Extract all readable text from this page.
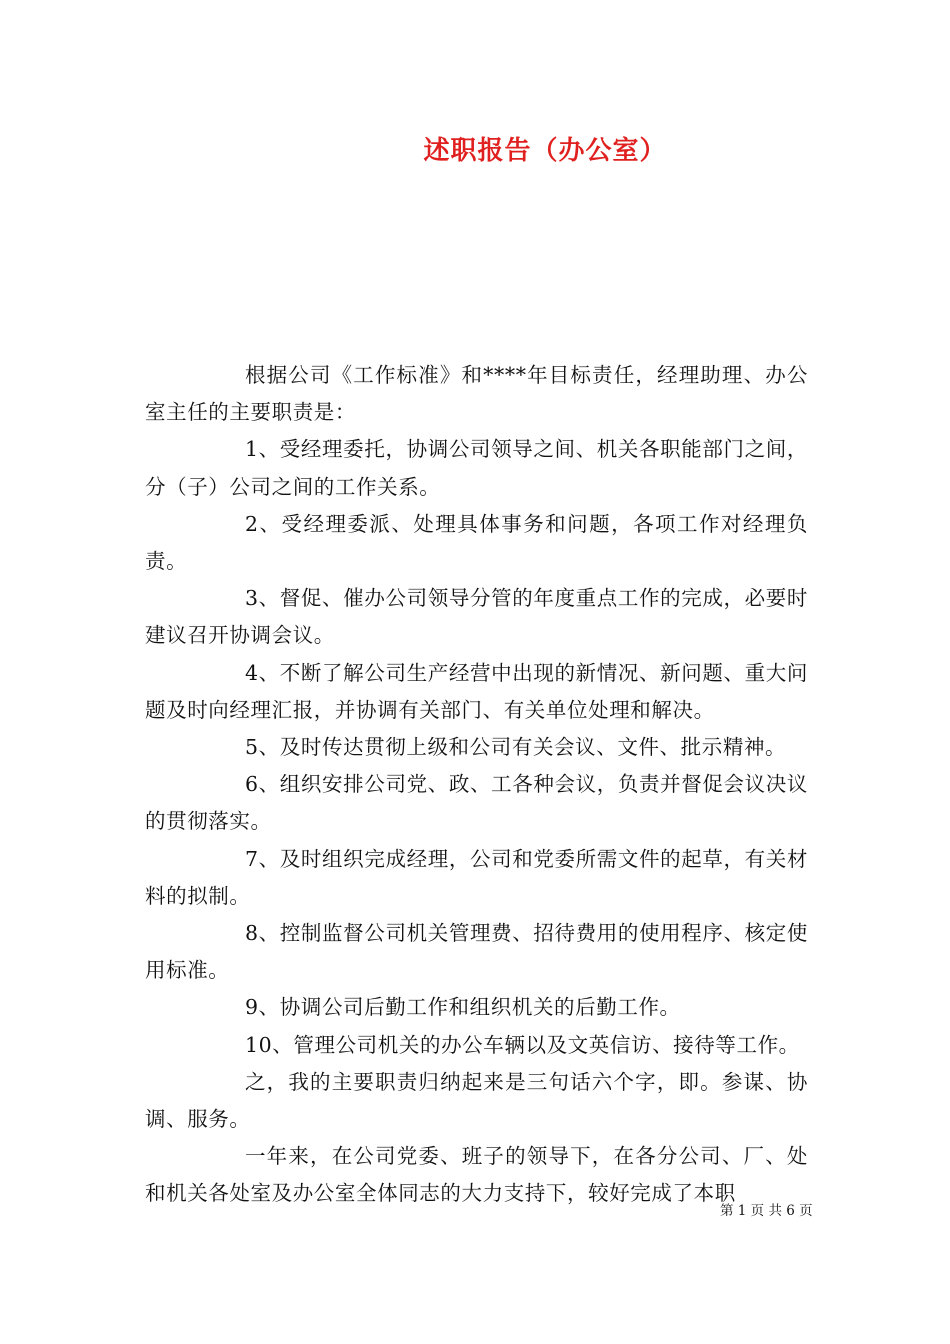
述职报告（办公室）

根据公司《工作标准》和****年目标责任，经理助理、办公室主任的主要职责是：

1、受经理委托，协调公司领导之间、机关各职能部门之间，分（子）公司之间的工作关系。

2、受经理委派、处理具体事务和问题，各项工作对经理负责。

3、督促、催办公司领导分管的年度重点工作的完成，必要时建议召开协调会议。

4、不断了解公司生产经营中出现的新情况、新问题、重大问题及时向经理汇报，并协调有关部门、有关单位处理和解决。

5、及时传达贯彻上级和公司有关会议、文件、批示精神。

6、组织安排公司党、政、工各种会议，负责并督促会议决议的贯彻落实。

7、及时组织完成经理，公司和党委所需文件的起草，有关材料的拟制。

8、控制监督公司机关管理费、招待费用的使用程序、核定使用标准。

9、协调公司后勤工作和组织机关的后勤工作。

10、管理公司机关的办公车辆以及文英信访、接待等工作。

之，我的主要职责归纳起来是三句话六个字，即。参谋、协调、服务。

一年来，在公司党委、班子的领导下，在各分公司、厂、处和机关各处室及办公室全体同志的大力支持下，较好完成了本职

第 1 页 共 6 页
